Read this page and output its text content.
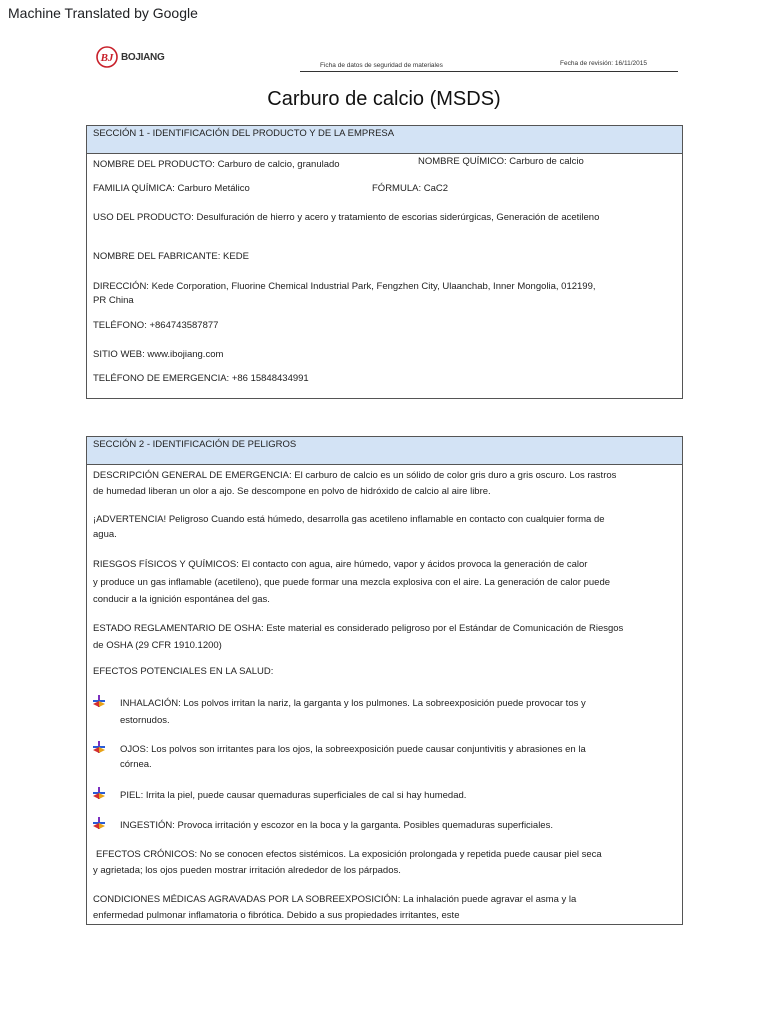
Machine Translated by Google
BJ BOJIANG
Ficha de datos de seguridad de materiales	Fecha de revisión: 16/11/2015
Carburo de calcio (MSDS)
SECCIÓN 1 - IDENTIFICACIÓN DEL PRODUCTO Y DE LA EMPRESA
NOMBRE DEL PRODUCTO: Carburo de calcio, granulado	NOMBRE QUÍMICO: Carburo de calcio
FAMILIA QUÍMICA: Carburo Metálico	FÓRMULA: CaC2
USO DEL PRODUCTO: Desulfuración de hierro y acero y tratamiento de escorias siderúrgicas, Generación de acetileno
NOMBRE DEL FABRICANTE: KEDE
DIRECCIÓN: Kede Corporation, Fluorine Chemical Industrial Park, Fengzhen City, Ulaanchab, Inner Mongolia, 012199,
PR China
TELÉFONO: +864743587877
SITIO WEB: www.ibojiang.com
TELÉFONO DE EMERGENCIA: +86 15848434991
SECCIÓN 2 - IDENTIFICACIÓN DE PELIGROS
DESCRIPCIÓN GENERAL DE EMERGENCIA: El carburo de calcio es un sólido de color gris duro a gris oscuro. Los rastros
de humedad liberan un olor a ajo. Se descompone en polvo de hidróxido de calcio al aire libre.
¡ADVERTENCIA! Peligroso Cuando está húmedo, desarrolla gas acetileno inflamable en contacto con cualquier forma de
agua.
RIESGOS FÍSICOS Y QUÍMICOS: El contacto con agua, aire húmedo, vapor y ácidos provoca la generación de calor
y produce un gas inflamable (acetileno), que puede formar una mezcla explosiva con el aire. La generación de calor puede
conducir a la ignición espontánea del gas.
ESTADO REGLAMENTARIO DE OSHA: Este material es considerado peligroso por el Estándar de Comunicación de Riesgos
de OSHA (29 CFR 1910.1200)
EFECTOS POTENCIALES EN LA SALUD:
INHALACIÓN: Los polvos irritan la nariz, la garganta y los pulmones. La sobreexposición puede provocar tos y
estornudos.
OJOS: Los polvos son irritantes para los ojos, la sobreexposición puede causar conjuntivitis y abrasiones en la
córnea.
PIEL: Irrita la piel, puede causar quemaduras superficiales de cal si hay humedad.
INGESTIÓN: Provoca irritación y escozor en la boca y la garganta. Posibles quemaduras superficiales.
EFECTOS CRÓNICOS: No se conocen efectos sistémicos. La exposición prolongada y repetida puede causar piel seca
y agrietada; los ojos pueden mostrar irritación alrededor de los párpados.
CONDICIONES MÉDICAS AGRAVADAS POR LA SOBREEXPOSICIÓN: La inhalación puede agravar el asma y la
enfermedad pulmonar inflamatoria o fibrótica. Debido a sus propiedades irritantes, este
